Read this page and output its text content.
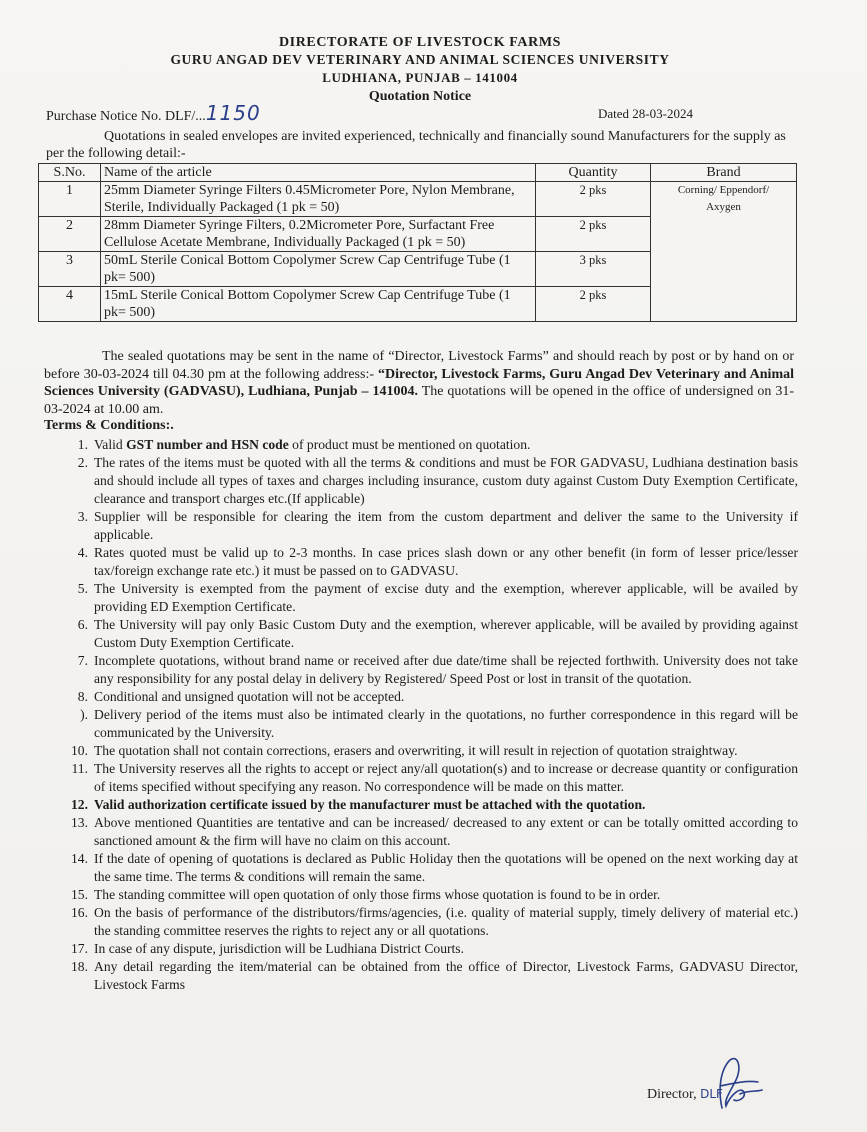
DIRECTORATE OF LIVESTOCK FARMS
GURU ANGAD DEV VETERINARY AND ANIMAL SCIENCES UNIVERSITY
LUDHIANA, PUNJAB – 141004
Quotation Notice
Purchase Notice No. DLF/...1150	Dated 28-03-2024
Quotations in sealed envelopes are invited experienced, technically and financially sound Manufacturers for the supply as per the following detail:-
S.No.	Name of the article	Quantity	Brand
1	25mm Diameter Syringe Filters 0.45Micrometer Pore, Nylon Membrane, Sterile, Individually Packaged (1 pk = 50)	2 pks	Corning/ Eppendorf/ Axygen

2	28mm Diameter Syringe Filters, 0.2Micrometer Pore, Surfactant Free Cellulose Acetate Membrane, Individually Packaged (1 pk = 50)	2 pks	
3	50mL Sterile Conical Bottom Copolymer Screw Cap Centrifuge Tube (1 pk= 500)	3 pks	
4	15mL Sterile Conical Bottom Copolymer Screw Cap Centrifuge Tube (1 pk= 500)	2 pks	
The sealed quotations may be sent in the name of “Director, Livestock Farms” and should reach by post or by hand on or before 30-03-2024 till 04.30 pm at the following address:- “Director, Livestock Farms, Guru Angad Dev Veterinary and Animal Sciences University (GADVASU), Ludhiana, Punjab – 141004. The quotations will be opened in the office of undersigned on 31-03-2024 at 10.00 am.
Terms & Conditions:.
1. Valid GST number and HSN code of product must be mentioned on quotation.
2. The rates of the items must be quoted with all the terms & conditions and must be FOR GADVASU, Ludhiana destination basis and should include all types of taxes and charges including insurance, custom duty against Custom Duty Exemption Certificate, clearance and transport charges etc.(If applicable)
3. Supplier will be responsible for clearing the item from the custom department and deliver the same to the University if applicable.
4. Rates quoted must be valid up to 2-3 months. In case prices slash down or any other benefit (in form of lesser price/lesser tax/foreign exchange rate etc.) it must be passed on to GADVASU.
5. The University is exempted from the payment of excise duty and the exemption, wherever applicable, will be availed by providing ED Exemption Certificate.
6. The University will pay only Basic Custom Duty and the exemption, wherever applicable, will be availed by providing against Custom Duty Exemption Certificate.
7. Incomplete quotations, without brand name or received after due date/time shall be rejected forthwith. University does not take any responsibility for any postal delay in delivery by Registered/ Speed Post or lost in transit of the quotation.
8. Conditional and unsigned quotation will not be accepted.
). Delivery period of the items must also be intimated clearly in the quotations, no further correspondence in this regard will be communicated by the University.
10. The quotation shall not contain corrections, erasers and overwriting, it will result in rejection of quotation straightway.
11. The University reserves all the rights to accept or reject any/all quotation(s) and to increase or decrease quantity or configuration of items specified without specifying any reason. No correspondence will be made on this matter.
12. Valid authorization certificate issued by the manufacturer must be attached with the quotation.
13. Above mentioned Quantities are tentative and can be increased/ decreased to any extent or can be totally omitted according to sanctioned amount & the firm will have no claim on this account.
14. If the date of opening of quotations is declared as Public Holiday then the quotations will be opened on the next working day at the same time. The terms & conditions will remain the same.
15. The standing committee will open quotation of only those firms whose quotation is found to be in order.
16. On the basis of performance of the distributors/firms/agencies, (i.e. quality of material supply, timely delivery of material etc.) the standing committee reserves the rights to reject any or all quotations.
17. In case of any dispute, jurisdiction will be Ludhiana District Courts.
18. Any detail regarding the item/material can be obtained from the office of Director, Livestock Farms, GADVASU Director, Livestock Farms
Director, DLF
